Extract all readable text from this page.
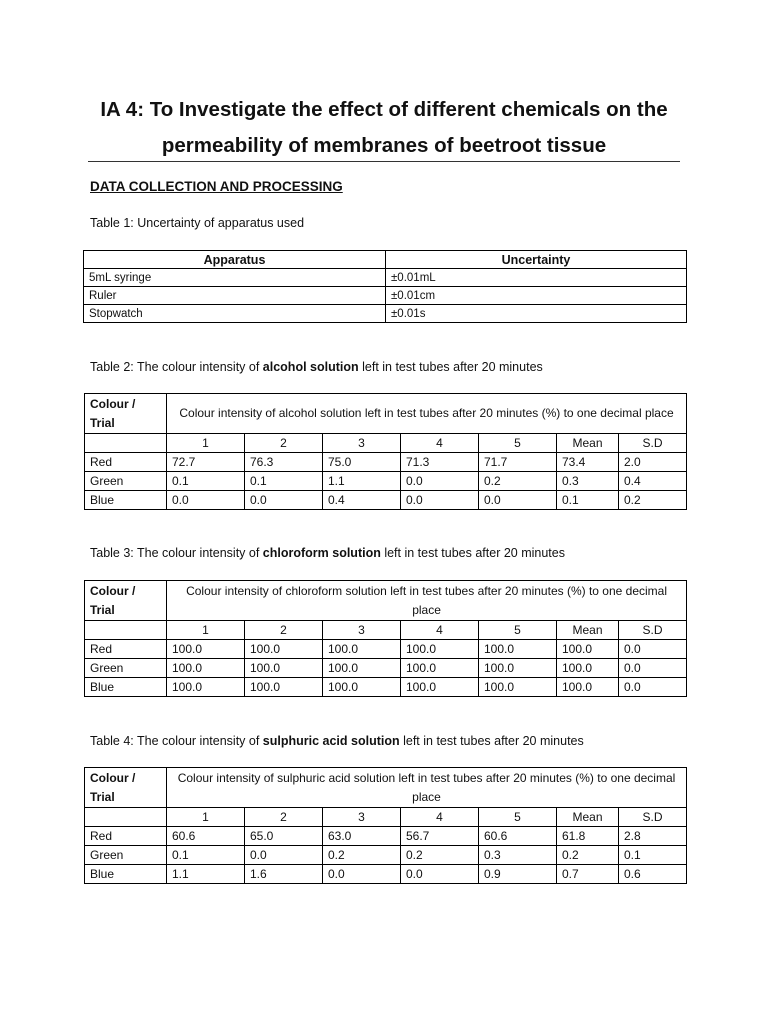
IA 4: To Investigate the effect of different chemicals on the
permeability of membranes of beetroot tissue
DATA COLLECTION AND PROCESSING

Table 1: Uncertainty of apparatus used

Apparatus	Uncertainty
5mL syringe	±0.01mL
Ruler	±0.01cm
Stopwatch	±0.01s

Table 2: The colour intensity of alcohol solution left in test tubes after 20 minutes

Colour / Trial	Colour intensity of alcohol solution left in test tubes after 20 minutes (%) to one decimal place						

	1	2	3	4	5	Mean	S.D
Red	72.7	76.3	75.0	71.3	71.7	73.4	2.0
Green	0.1	0.1	1.1	0.0	0.2	0.3	0.4
Blue	0.0	0.0	0.4	0.0	0.0	0.1	0.2

Table 3: The colour intensity of chloroform solution left in test tubes after 20 minutes

Colour / Trial	Colour intensity of chloroform solution left in test tubes after 20 minutes (%) to one decimal place						

	1	2	3	4	5	Mean	S.D
Red	100.0	100.0	100.0	100.0	100.0	100.0	0.0
Green	100.0	100.0	100.0	100.0	100.0	100.0	0.0
Blue	100.0	100.0	100.0	100.0	100.0	100.0	0.0

Table 4: The colour intensity of sulphuric acid solution left in test tubes after 20 minutes

Colour / Trial	Colour intensity of sulphuric acid solution left in test tubes after 20 minutes (%) to one decimal place						

	1	2	3	4	5	Mean	S.D
Red	60.6	65.0	63.0	56.7	60.6	61.8	2.8
Green	0.1	0.0	0.2	0.2	0.3	0.2	0.1
Blue	1.1	1.6	0.0	0.0	0.9	0.7	0.6
